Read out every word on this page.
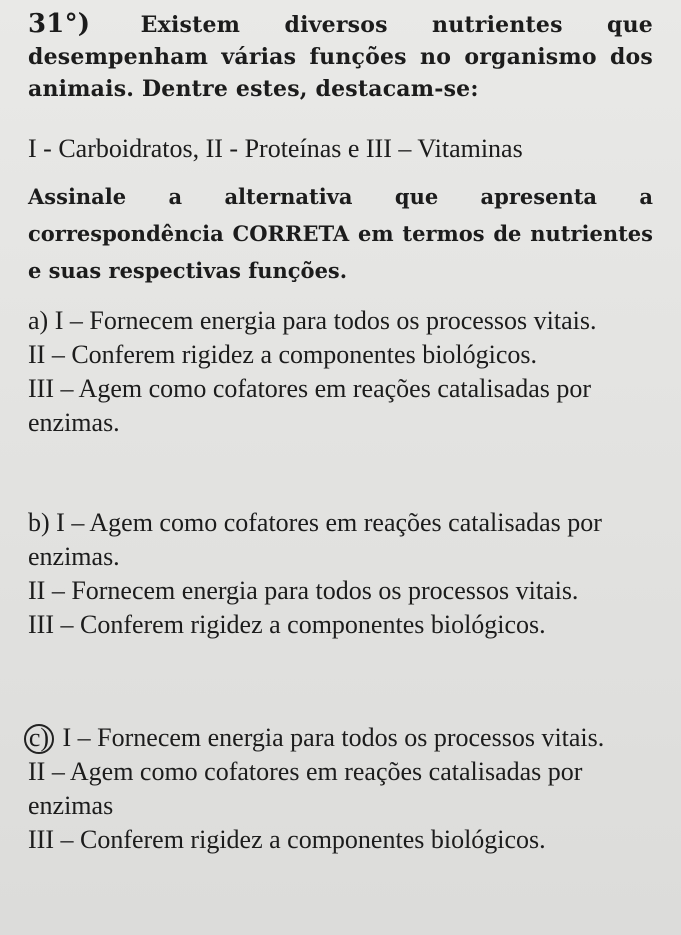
31°) Existem diversos nutrientes que desempenham várias funções no organismo dos animais. Dentre estes, destacam-se:
I - Carboidratos, II - Proteínas e III – Vitaminas
Assinale a alternativa que apresenta a correspondência CORRETA em termos de nutrientes e suas respectivas funções.

a) I – Fornecem energia para todos os processos vitais.

II – Conferem rigidez a componentes biológicos.

III – Agem como cofatores em reações catalisadas por enzimas.

b) I – Agem como cofatores em reações catalisadas por enzimas.

II – Fornecem energia para todos os processos vitais.

III – Conferem rigidez a componentes biológicos.

c) I – Fornecem energia para todos os processos vitais.

II – Agem como cofatores em reações catalisadas por enzimas

III – Conferem rigidez a componentes biológicos.
